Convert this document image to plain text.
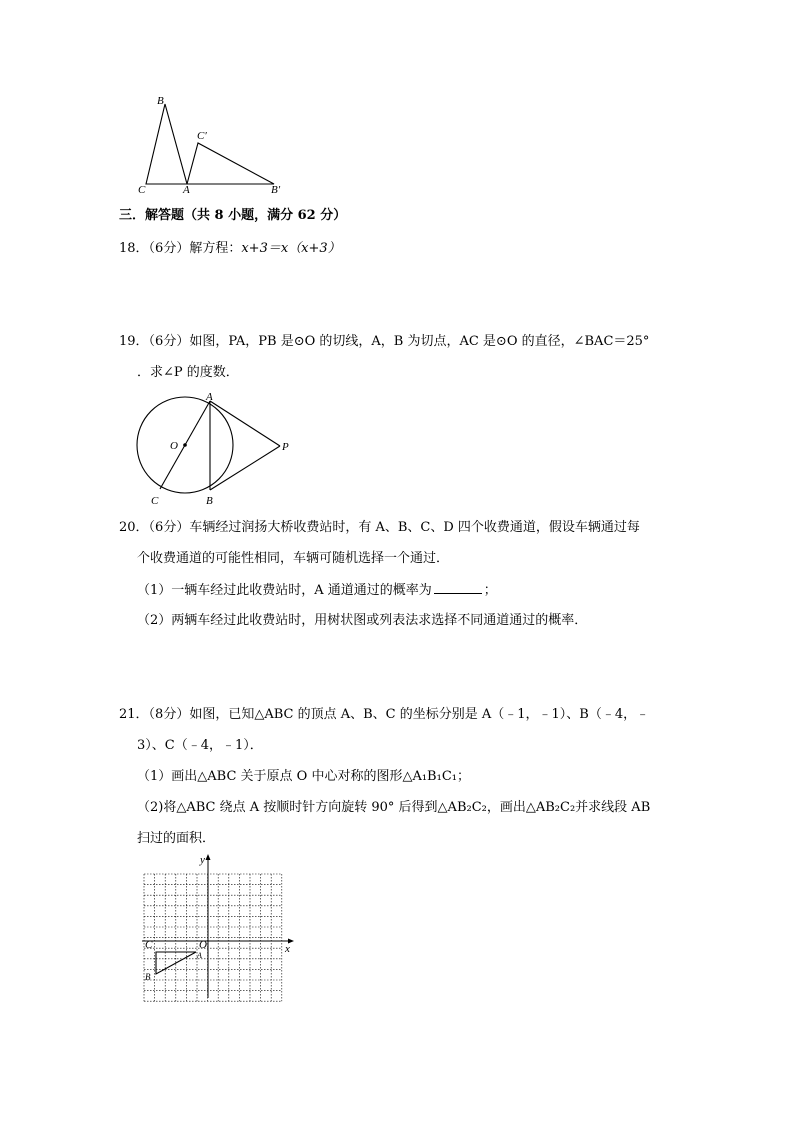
B
C′
C	A	B′
三．解答题（共 8 小题，满分 62 分）
18．（6分）解方程：x+3＝x（x+3）
19．（6分）如图，PA，PB 是⊙O 的切线，A，B 为切点，AC 是⊙O 的直径，∠BAC＝25°
．求∠P 的度数．
A
O	P
C	B
20．（6分）车辆经过润扬大桥收费站时，有 A、B、C、D 四个收费通道，假设车辆通过每
个收费通道的可能性相同，车辆可随机选择一个通过．
（1）一辆车经过此收费站时，A 通道通过的概率为	；
（2）两辆车经过此收费站时，用树状图或列表法求选择不同通道通过的概率．
21．（8分）如图，已知△ABC 的顶点 A、B、C 的坐标分别是 A（﹣1，﹣1）、B（﹣4，﹣
3）、C（﹣4，﹣1）．
（1）画出△ABC 关于原点 O 中心对称的图形△A₁B₁C₁；
（2)将△ABC 绕点 A 按顺时针方向旋转 90° 后得到△AB₂C₂，画出△AB₂C₂并求线段 AB
扫过的面积．
y
x
C	O
A
B
